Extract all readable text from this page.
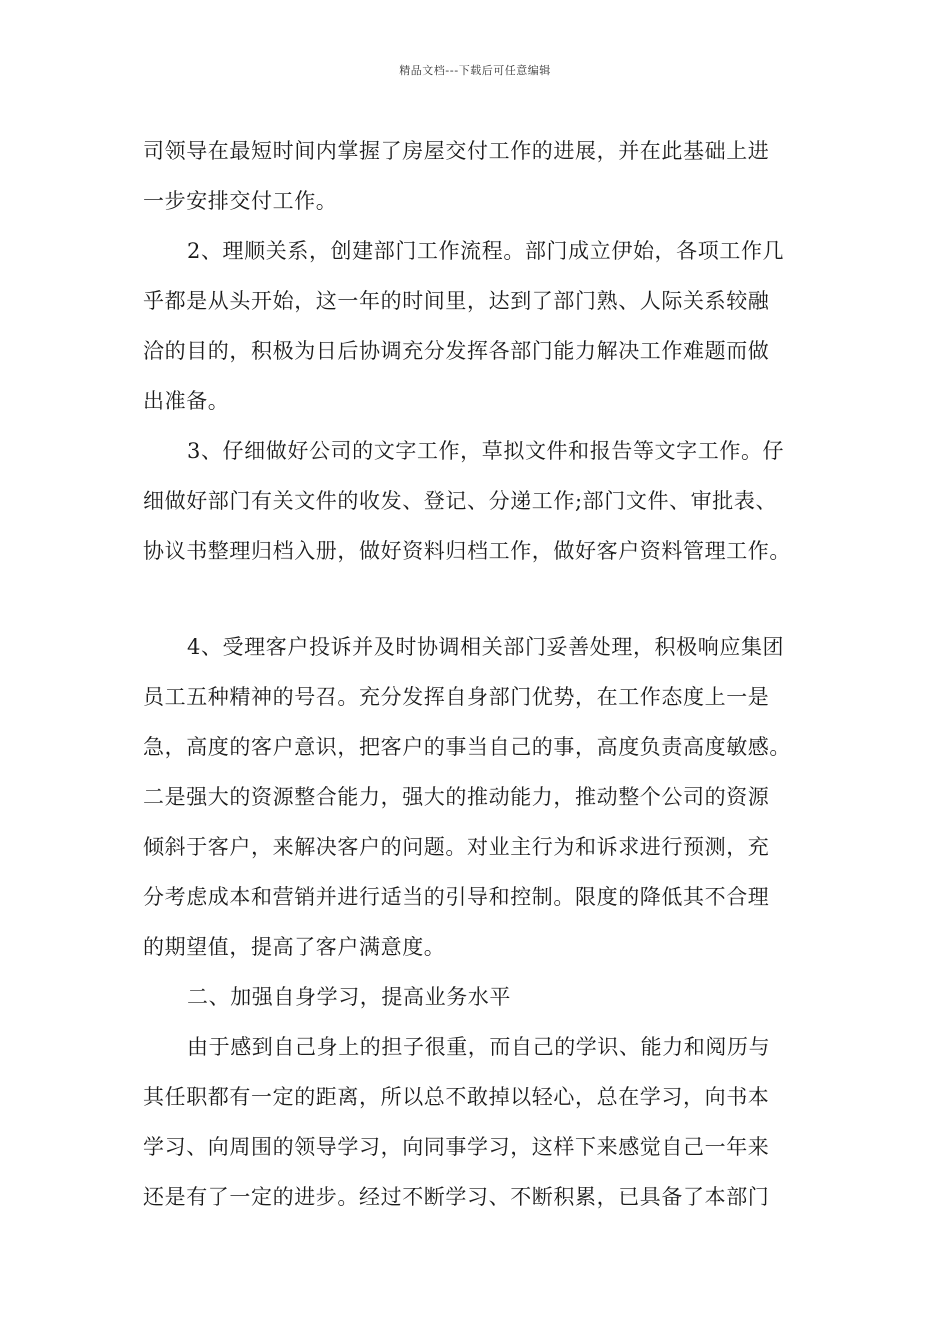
精品文档---下载后可任意编辑
司领导在最短时间内掌握了房屋交付工作的进展，并在此基础上进
一步安排交付工作。
2、理顺关系，创建部门工作流程。部门成立伊始，各项工作几
乎都是从头开始，这一年的时间里，达到了部门熟、人际关系较融
洽的目的，积极为日后协调充分发挥各部门能力解决工作难题而做
出准备。
3、仔细做好公司的文字工作，草拟文件和报告等文字工作。仔
细做好部门有关文件的收发、登记、分递工作;部门文件、审批表、
协议书整理归档入册，做好资料归档工作，做好客户资料管理工作。
4、受理客户投诉并及时协调相关部门妥善处理，积极响应集团
员工五种精神的号召。充分发挥自身部门优势，在工作态度上一是
急，高度的客户意识，把客户的事当自己的事，高度负责高度敏感。
二是强大的资源整合能力，强大的推动能力，推动整个公司的资源
倾斜于客户，来解决客户的问题。对业主行为和诉求进行预测，充
分考虑成本和营销并进行适当的引导和控制。限度的降低其不合理
的期望值，提高了客户满意度。
二、加强自身学习，提高业务水平
由于感到自己身上的担子很重，而自己的学识、能力和阅历与
其任职都有一定的距离，所以总不敢掉以轻心，总在学习，向书本
学习、向周围的领导学习，向同事学习，这样下来感觉自己一年来
还是有了一定的进步。经过不断学习、不断积累，已具备了本部门
